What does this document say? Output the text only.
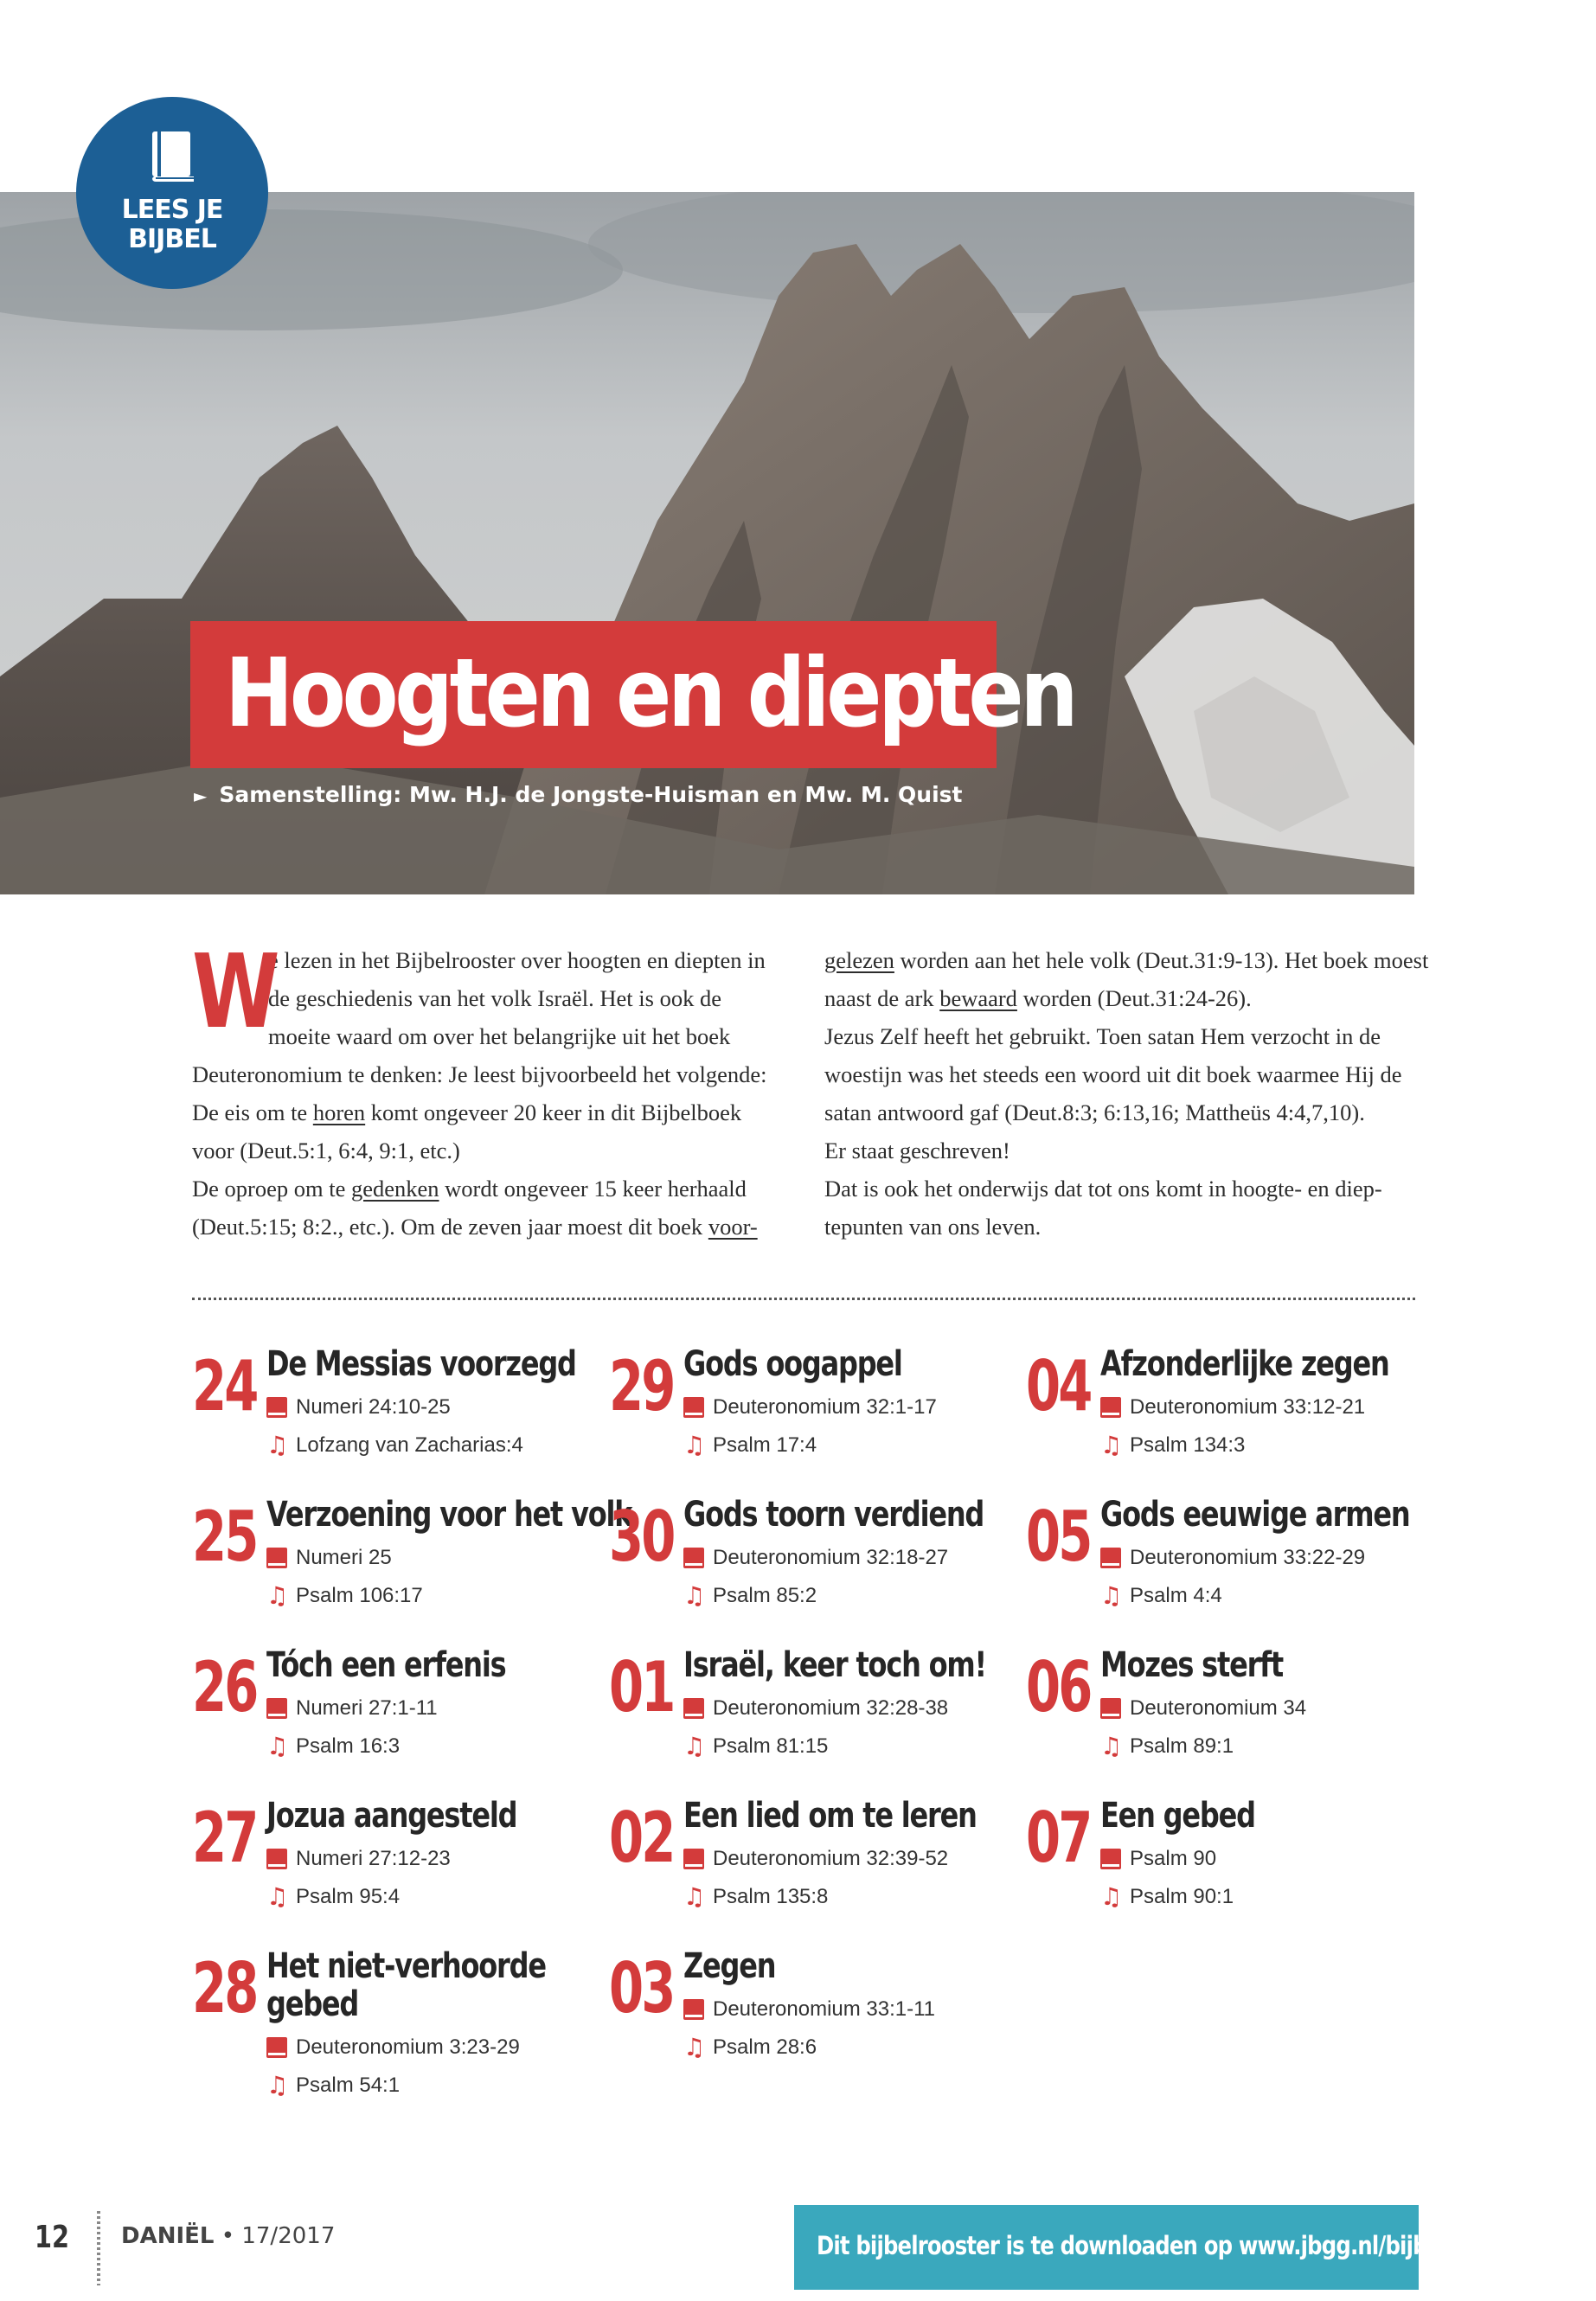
LEES JE
BIJBEL
Hoogten en diepten
► Samenstelling: Mw. H.J. de Jongste-Huisman en Mw. M. Quist

W
e lezen in het Bijbelrooster over hoogten en diepten in de geschiedenis van het volk Israël. Het is ook de moeite waard om over het belangrijke uit het boek Deuteronomium te denken: Je leest bijvoorbeeld het volgende: De eis om te horen komt ongeveer 20 keer in dit Bijbelboek voor (Deut.5:1, 6:4, 9:1, etc.)

De oproep om te gedenken wordt ongeveer 15 keer herhaald (Deut.5:15; 8:2., etc.). Om de zeven jaar moest dit boek voor-

gelezen worden aan het hele volk (Deut.31:9-13). Het boek moest naast de ark bewaard worden (Deut.31:24-26).

Jezus Zelf heeft het gebruikt. Toen satan Hem verzocht in de woestijn was het steeds een woord uit dit boek waarmee Hij de satan antwoord gaf (Deut.8:3; 6:13,16; Mattheüs 4:4,7,10).

Er staat geschreven!

Dat is ook het onderwijs dat tot ons komt in hoogte- en diep-tepunten van ons leven.

24 De Messias voorzegd
Numeri 24:10-25
♫ Lofzang van Zacharias:4
25 Verzoening voor het volk
Numeri 25
♫ Psalm 106:17
26 Tóch een erfenis
Numeri 27:1-11
♫ Psalm 16:3
27 Jozua aangesteld
Numeri 27:12-23
♫ Psalm 95:4
28 Het niet-verhoorde
gebed
Deuteronomium 3:23-29
♫ Psalm 54:1
29 Gods oogappel
Deuteronomium 32:1-17
♫ Psalm 17:4
30 Gods toorn verdiend
Deuteronomium 32:18-27
♫ Psalm 85:2
01 Israël, keer toch om!
Deuteronomium 32:28-38
♫ Psalm 81:15
02 Een lied om te leren
Deuteronomium 32:39-52
♫ Psalm 135:8
03 Zegen
Deuteronomium 33:1-11
♫ Psalm 28:6
04 Afzonderlijke zegen
Deuteronomium 33:12-21
♫ Psalm 134:3
05 Gods eeuwige armen
Deuteronomium 33:22-29
♫ Psalm 4:4
06 Mozes sterft
Deuteronomium 34
♫ Psalm 89:1
07 Een gebed
Psalm 90
♫ Psalm 90:1
12 DANIËL • 17/2017	Dit bijbelrooster is te downloaden op www.jbgg.nl/bijbelrooster.
